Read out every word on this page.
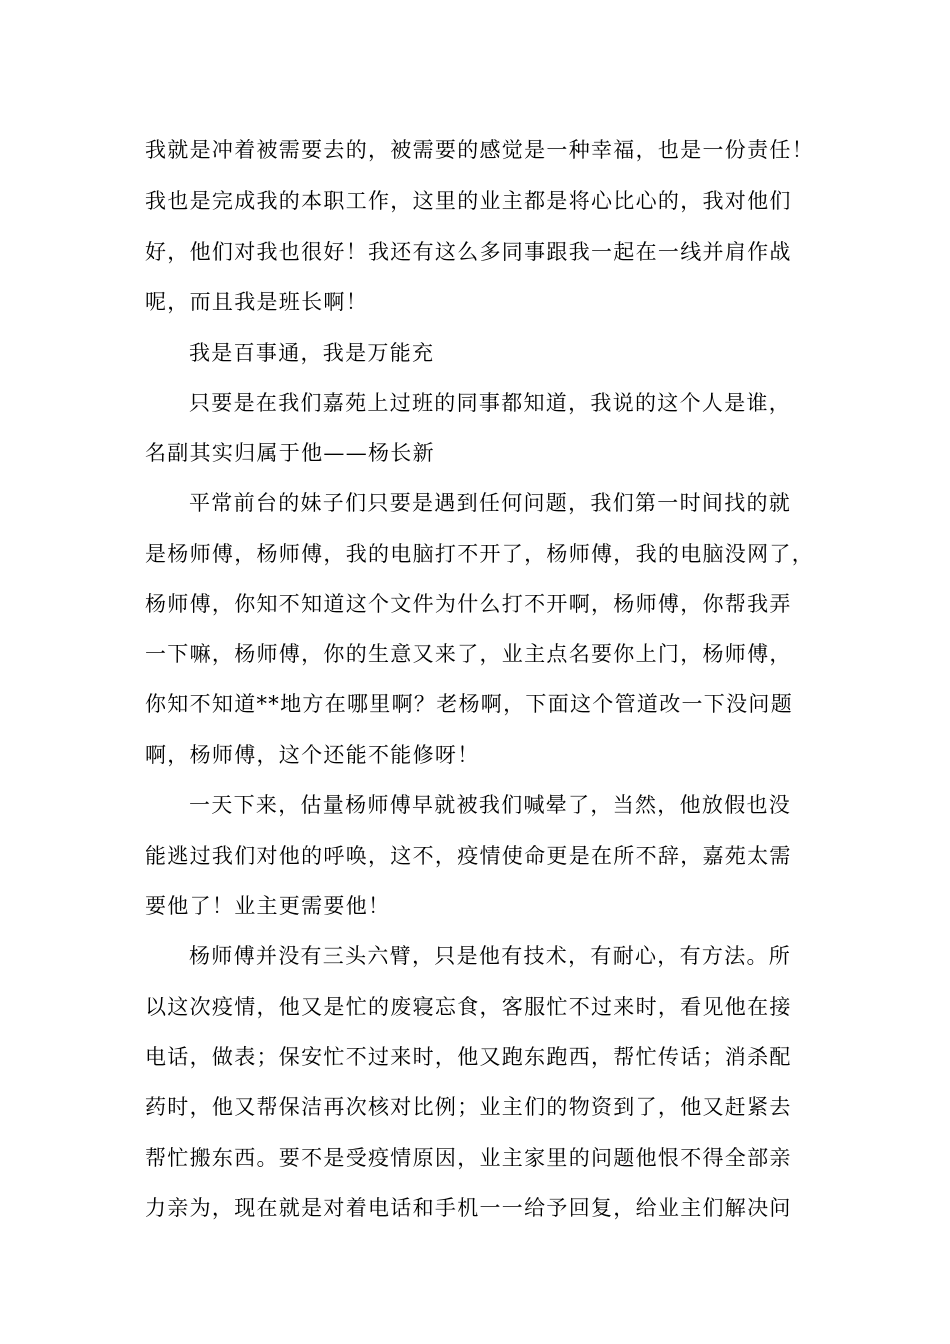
我就是冲着被需要去的，被需要的感觉是一种幸福，也是一份责任！
我也是完成我的本职工作，这里的业主都是将心比心的，我对他们
好，他们对我也很好！我还有这么多同事跟我一起在一线并肩作战
呢，而且我是班长啊！
我是百事通，我是万能充
只要是在我们嘉苑上过班的同事都知道，我说的这个人是谁，
名副其实归属于他——杨长新
平常前台的妹子们只要是遇到任何问题，我们第一时间找的就
是杨师傅，杨师傅，我的电脑打不开了，杨师傅，我的电脑没网了，
杨师傅，你知不知道这个文件为什么打不开啊，杨师傅，你帮我弄
一下嘛，杨师傅，你的生意又来了，业主点名要你上门，杨师傅，
你知不知道**地方在哪里啊？老杨啊，下面这个管道改一下没问题
啊，杨师傅，这个还能不能修呀！
一天下来，估量杨师傅早就被我们喊晕了，当然，他放假也没
能逃过我们对他的呼唤，这不，疫情使命更是在所不辞，嘉苑太需
要他了！业主更需要他！
杨师傅并没有三头六臂，只是他有技术，有耐心，有方法。所
以这次疫情，他又是忙的废寝忘食，客服忙不过来时，看见他在接
电话，做表；保安忙不过来时，他又跑东跑西，帮忙传话；消杀配
药时，他又帮保洁再次核对比例；业主们的物资到了，他又赶紧去
帮忙搬东西。要不是受疫情原因，业主家里的问题他恨不得全部亲
力亲为，现在就是对着电话和手机一一给予回复，给业主们解决问
